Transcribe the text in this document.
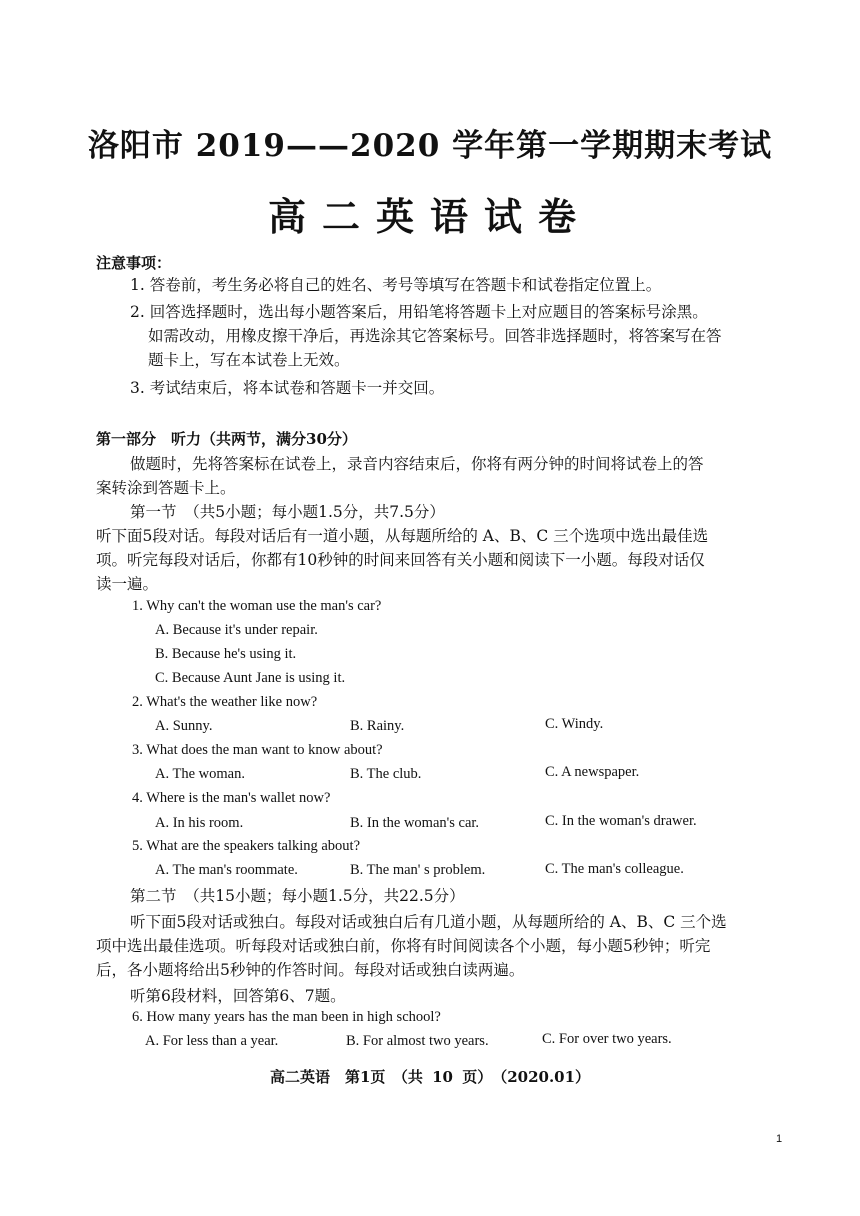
洛阳市 2019——2020 学年第一学期期末考试
高二英语试卷
注意事项：
1. 答卷前，考生务必将自己的姓名、考号等填写在答题卡和试卷指定位置上。
2. 回答选择题时，选出每小题答案后，用铅笔将答题卡上对应题目的答案标号涂黑。
如需改动，用橡皮擦干净后，再选涂其它答案标号。回答非选择题时，将答案写在答
题卡上，写在本试卷上无效。
3. 考试结束后，将本试卷和答题卡一并交回。
第一部分　听力（共两节，满分30分）
做题时，先将答案标在试卷上，录音内容结束后，你将有两分钟的时间将试卷上的答
案转涂到答题卡上。
第一节　（共5小题；每小题1.5分，共7.5分）
听下面5段对话。每段对话后有一道小题，从每题所给的 A、B、C 三个选项中选出最佳选
项。听完每段对话后，你都有10秒钟的时间来回答有关小题和阅读下一小题。每段对话仅
读一遍。
1. Why can't the woman use the man's car?
A. Because it's under repair.
B. Because he's using it.
C. Because Aunt Jane is using it.
2. What's the weather like now?
A. Sunny.	B. Rainy.	C. Windy.
3. What does the man want to know about?
A. The woman.	B. The club.	C. A newspaper.
4. Where is the man's wallet now?
A. In his room.	B. In the woman's car.	C. In the woman's drawer.
5. What are the speakers talking about?
A. The man's roommate.	B. The man' s problem.	C. The man's colleague.
第二节　（共15小题；每小题1.5分，共22.5分）
听下面5段对话或独白。每段对话或独白后有几道小题，从每题所给的 A、B、C 三个选
项中选出最佳选项。听每段对话或独白前，你将有时间阅读各个小题，每小题5秒钟；听完
后，各小题将给出5秒钟的作答时间。每段对话或独白读两遍。
听第6段材料，回答第6、7题。
6. How many years has the man been in high school?
A. For less than a year.	B. For almost two years.	C. For over two years.
高二英语　第1页　（共 10 页）　（2020.01）
1
